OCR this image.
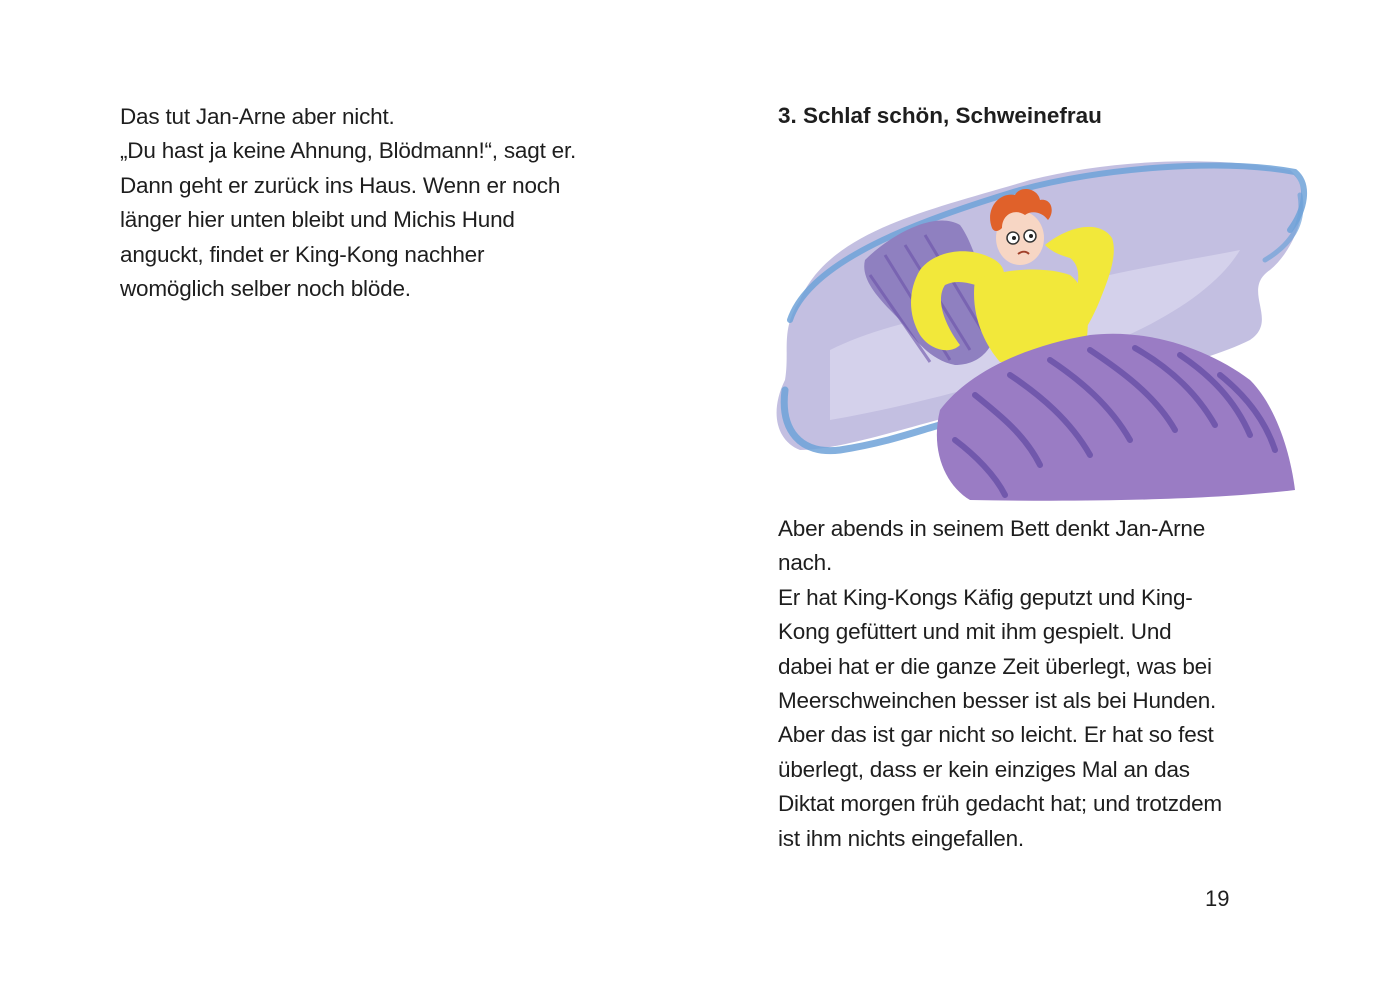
Das tut Jan-Arne aber nicht.
„Du hast ja keine Ahnung, Blödmann!“, sagt er.
Dann geht er zurück ins Haus. Wenn er noch
länger hier unten bleibt und Michis Hund
anguckt, findet er King-Kong nachher
womöglich selber noch blöde.
3. Schlaf schön, Schweinefrau
Aber abends in seinem Bett denkt Jan-Arne
nach.
Er hat King-Kongs Käfig geputzt und King-
Kong gefüttert und mit ihm gespielt. Und
dabei hat er die ganze Zeit überlegt, was bei
Meerschweinchen besser ist als bei Hunden.
Aber das ist gar nicht so leicht. Er hat so fest
überlegt, dass er kein einziges Mal an das
Diktat morgen früh gedacht hat; und trotzdem
ist ihm nichts eingefallen.
19
